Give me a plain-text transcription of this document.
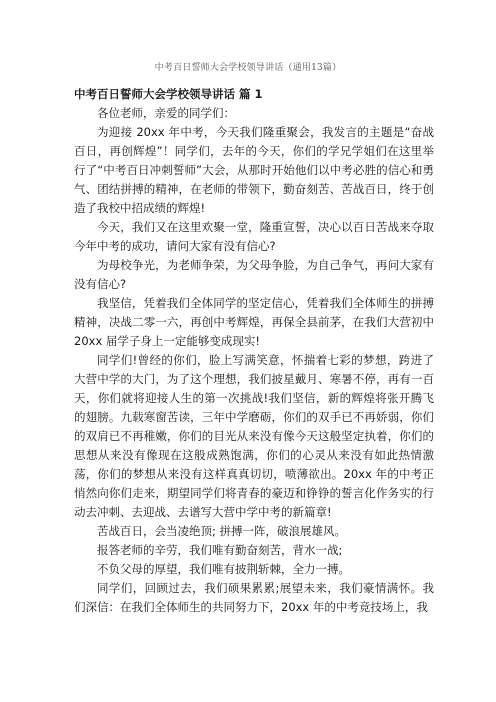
中考百日誓师大会学校领导讲话（通用13篇）
中考百日誓师大会学校领导讲话 篇 1

各位老师，亲爱的同学们：

为迎接 20xx 年中考，今天我们隆重聚会，我发言的主题是“奋战百日，再创辉煌”！同学们，去年的今天，你们的学兄学姐们在这里举行了“中考百日冲刺誓师”大会，从那时开始他们以中考必胜的信心和勇气、团结拼搏的精神，在老师的带领下，勤奋刻苦、苦战百日，终于创造了我校中招成绩的辉煌!

今天，我们又在这里欢聚一堂，隆重宣誓，决心以百日苦战来夺取今年中考的成功，请问大家有没有信心?

为母校争光，为老师争荣，为父母争脸，为自己争气，再问大家有没有信心?

我坚信，凭着我们全体同学的坚定信心，凭着我们全体师生的拼搏精神，决战二零一六，再创中考辉煌，再保全县前茅，在我们大营初中 20xx 届学子身上一定能够变成现实!

同学们!曾经的你们，脸上写满笑意，怀揣着七彩的梦想，跨进了大营中学的大门，为了这个理想，我们披星戴月、寒暑不停，再有一百天，你们就将迎接人生的第一次挑战!我们坚信，新的辉煌将张开腾飞的翅膀。九载寒窗苦读，三年中学磨砺，你们的双手已不再娇弱，你们的双肩已不再稚嫩，你们的目光从来没有像今天这般坚定执着，你们的思想从来没有像现在这般成熟饱满，你们的心灵从来没有如此热情激荡，你们的梦想从来没有这样真真切切，喷薄欲出。20xx 年的中考正悄然向你们走来，期望同学们将青春的豪迈和铮铮的誓言化作务实的行动去冲刺、去迎战、去谱写大营中学中考的新篇章!

苦战百日，会当凌绝顶; 拼搏一阵，破浪展雄风。

报答老师的辛劳，我们唯有勤奋刻苦，背水一战;

不负父母的厚望，我们唯有披荆斩棘，全力一搏。

同学们，回顾过去，我们硕果累累;展望未来，我们豪情满怀。我们深信：在我们全体师生的共同努力下，20xx 年的中考竞技场上，我
